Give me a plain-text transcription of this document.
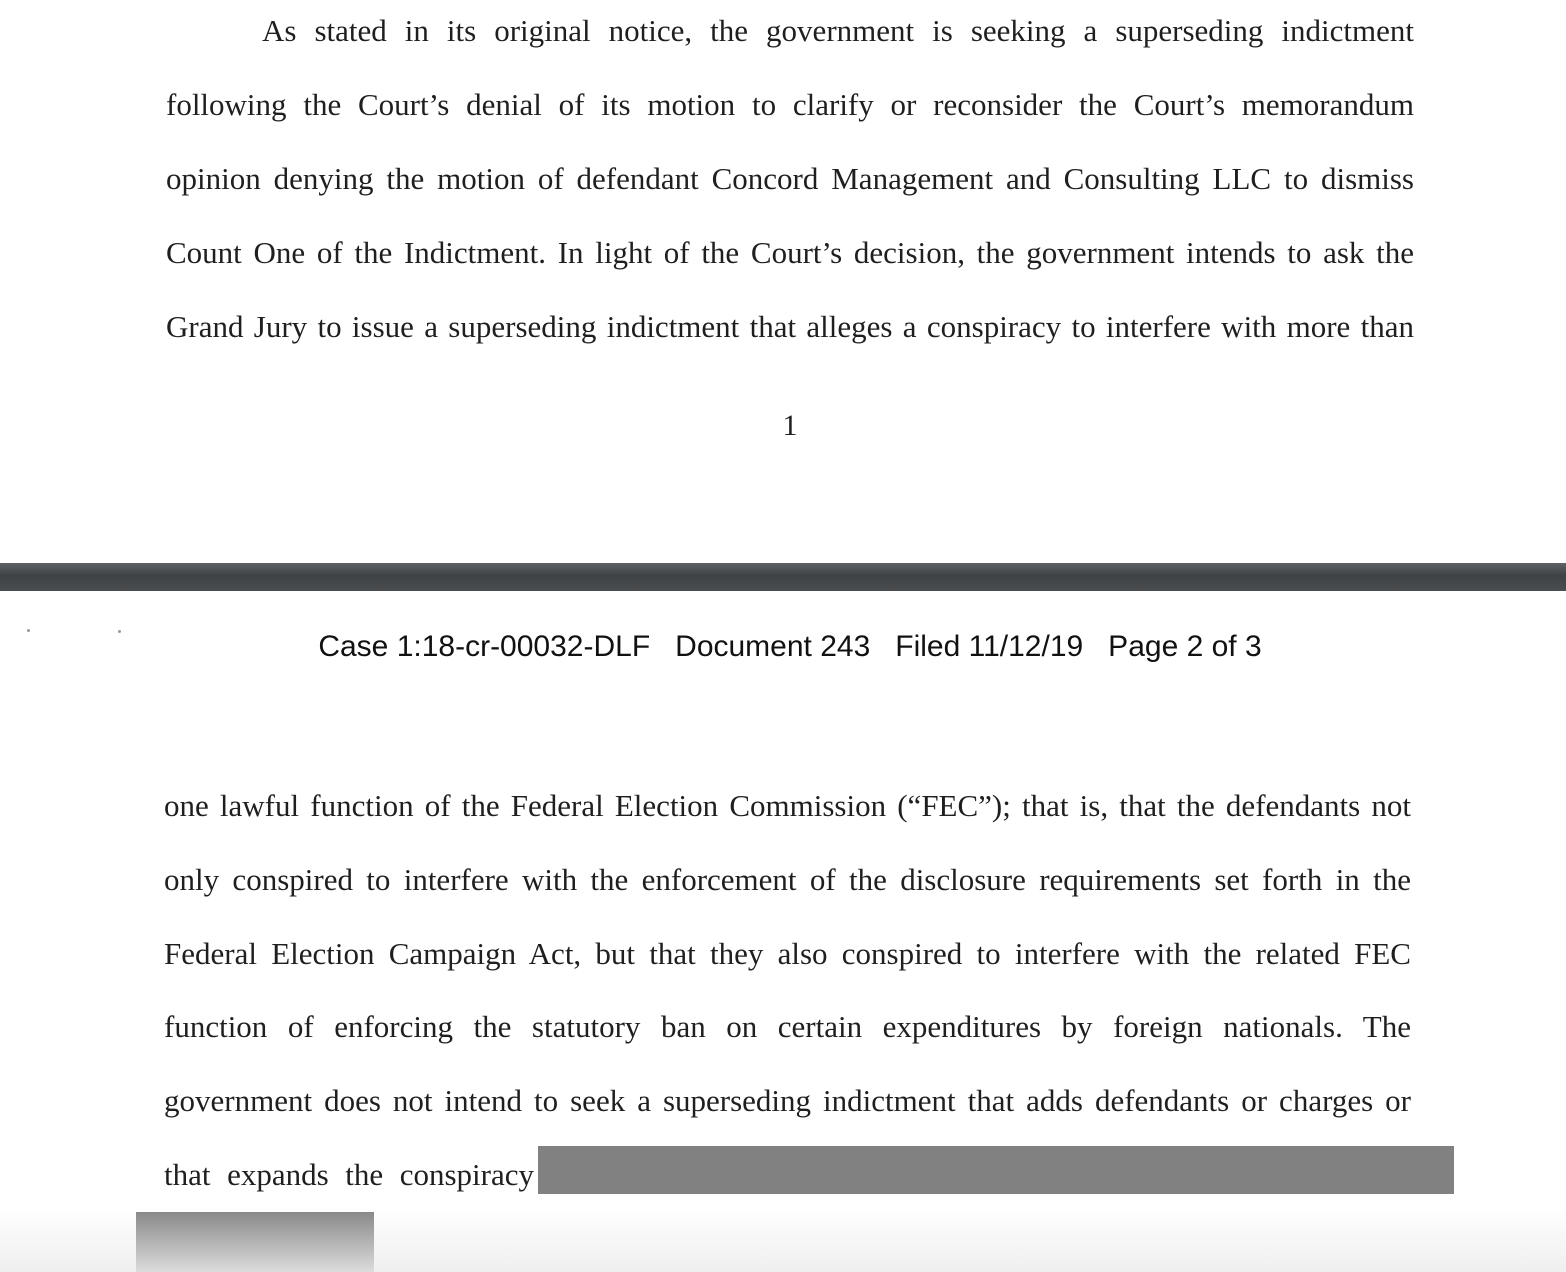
As stated in its original notice, the government is seeking a superseding indictment

following the Court’s denial of its motion to clarify or reconsider the Court’s memorandum

opinion denying the motion of defendant Concord Management and Consulting LLC to dismiss

Count One of the Indictment. In light of the Court’s decision, the government intends to ask the

Grand Jury to issue a superseding indictment that alleges a conspiracy to interfere with more than

1
Case 1:18-cr-00032-DLF   Document 243   Filed 11/12/19   Page 2 of 3

one lawful function of the Federal Election Commission (“FEC”); that is, that the defendants not

only conspired to interfere with the enforcement of the disclosure requirements set forth in the

Federal Election Campaign Act, but that they also conspired to interfere with the related FEC

function of enforcing the statutory ban on certain expenditures by foreign nationals. The

government does not intend to seek a superseding indictment that adds defendants or charges or

that expands the conspiracy
